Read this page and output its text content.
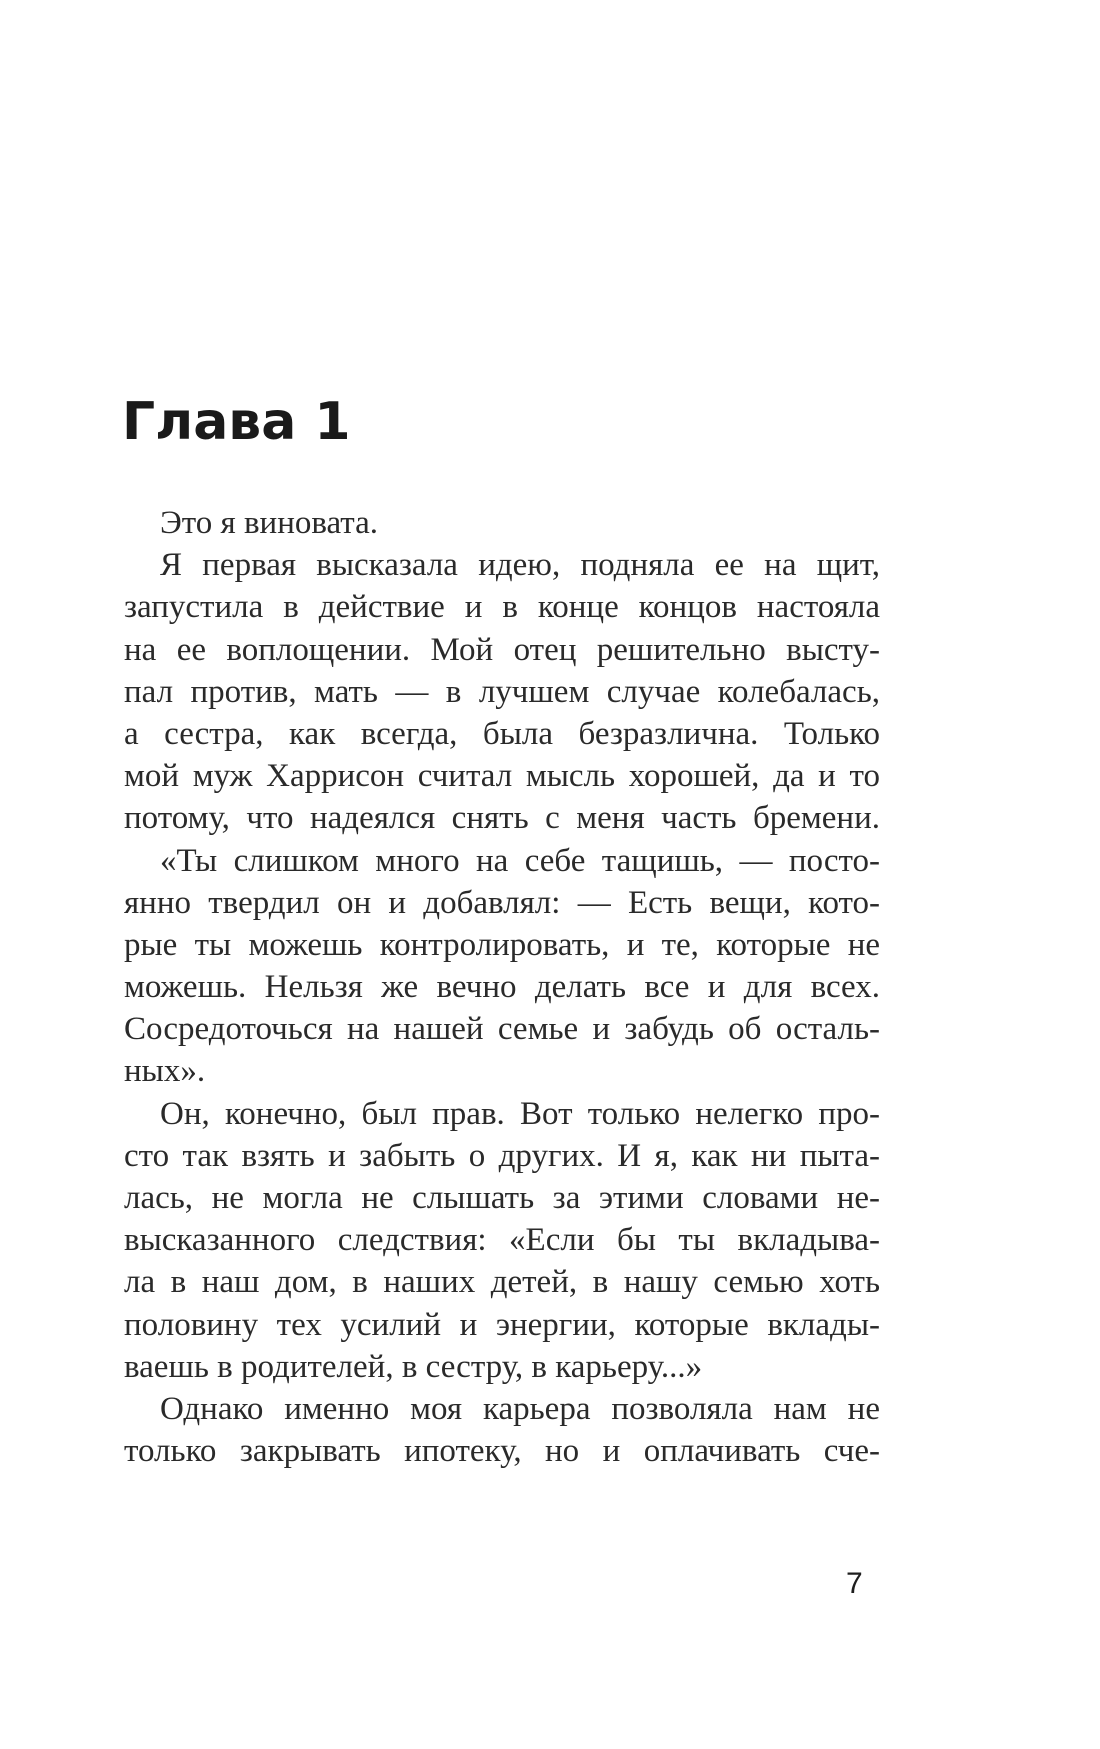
Глава 1
Это я виновата.
Я первая высказала идею, подняла ее на щит,
запустила в действие и в конце концов настояла
на ее воплощении. Мой отец решительно высту-
пал против, мать — в лучшем случае колебалась,
а сестра, как всегда, была безразлична. Только
мой муж Харрисон считал мысль хорошей, да и то
потому, что надеялся снять с меня часть бремени.
«Ты слишком много на себе тащишь, — посто-
янно твердил он и добавлял: — Есть вещи, кото-
рые ты можешь контролировать, и те, которые не
можешь. Нельзя же вечно делать все и для всех.
Сосредоточься на нашей семье и забудь об осталь-
ных».
Он, конечно, был прав. Вот только нелегко про-
сто так взять и забыть о других. И я, как ни пыта-
лась, не могла не слышать за этими словами не-
высказанного следствия: «Если бы ты вкладыва-
ла в наш дом, в наших детей, в нашу семью хоть
половину тех усилий и энергии, которые вклады-
ваешь в родителей, в сестру, в карьеру...»
Однако именно моя карьера позволяла нам не
только закрывать ипотеку, но и оплачивать сче-
7
